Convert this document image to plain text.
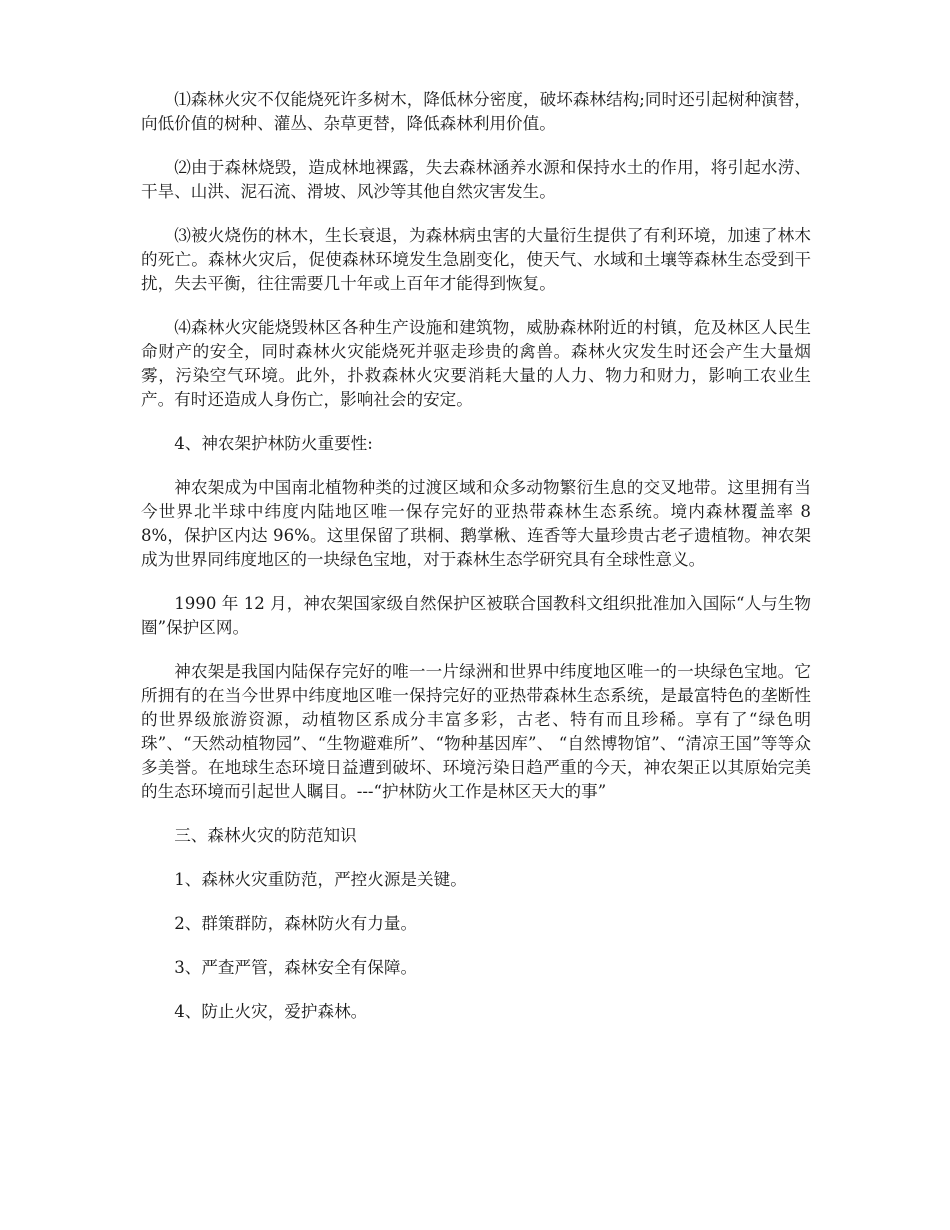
⑴森林火灾不仅能烧死许多树木，降低林分密度，破坏森林结构;同时还引起树种演替，向低价值的树种、灌丛、杂草更替，降低森林利用价值。

⑵由于森林烧毁，造成林地裸露，失去森林涵养水源和保持水土的作用，将引起水涝、干旱、山洪、泥石流、滑坡、风沙等其他自然灾害发生。

⑶被火烧伤的林木，生长衰退，为森林病虫害的大量衍生提供了有利环境，加速了林木的死亡。森林火灾后，促使森林环境发生急剧变化，使天气、水域和土壤等森林生态受到干扰，失去平衡，往往需要几十年或上百年才能得到恢复。

⑷森林火灾能烧毁林区各种生产设施和建筑物，威胁森林附近的村镇，危及林区人民生命财产的安全，同时森林火灾能烧死并驱走珍贵的禽兽。森林火灾发生时还会产生大量烟雾，污染空气环境。此外，扑救森林火灾要消耗大量的人力、物力和财力，影响工农业生产。有时还造成人身伤亡，影响社会的安定。

4、神农架护林防火重要性:

神农架成为中国南北植物种类的过渡区域和众多动物繁衍生息的交叉地带。这里拥有当今世界北半球中纬度内陆地区唯一保存完好的亚热带森林生态系统。境内森林覆盖率 88%，保护区内达 96%。这里保留了珙桐、鹅掌楸、连香等大量珍贵古老孑遗植物。神农架成为世界同纬度地区的一块绿色宝地，对于森林生态学研究具有全球性意义。

1990 年 12 月，神农架国家级自然保护区被联合国教科文组织批准加入国际“人与生物圈”保护区网。

神农架是我国内陆保存完好的唯一一片绿洲和世界中纬度地区唯一的一块绿色宝地。它所拥有的在当今世界中纬度地区唯一保持完好的亚热带森林生态系统，是最富特色的垄断性的世界级旅游资源，动植物区系成分丰富多彩，古老、特有而且珍稀。享有了“绿色明珠”、“天然动植物园”、“生物避难所”、“物种基因库”、 “自然博物馆”、“清凉王国”等等众多美誉。在地球生态环境日益遭到破坏、环境污染日趋严重的今天，神农架正以其原始完美的生态环境而引起世人瞩目。---“护林防火工作是林区天大的事”

三、森林火灾的防范知识

1、森林火灾重防范，严控火源是关键。

2、群策群防，森林防火有力量。

3、严查严管，森林安全有保障。

4、防止火灾，爱护森林。
